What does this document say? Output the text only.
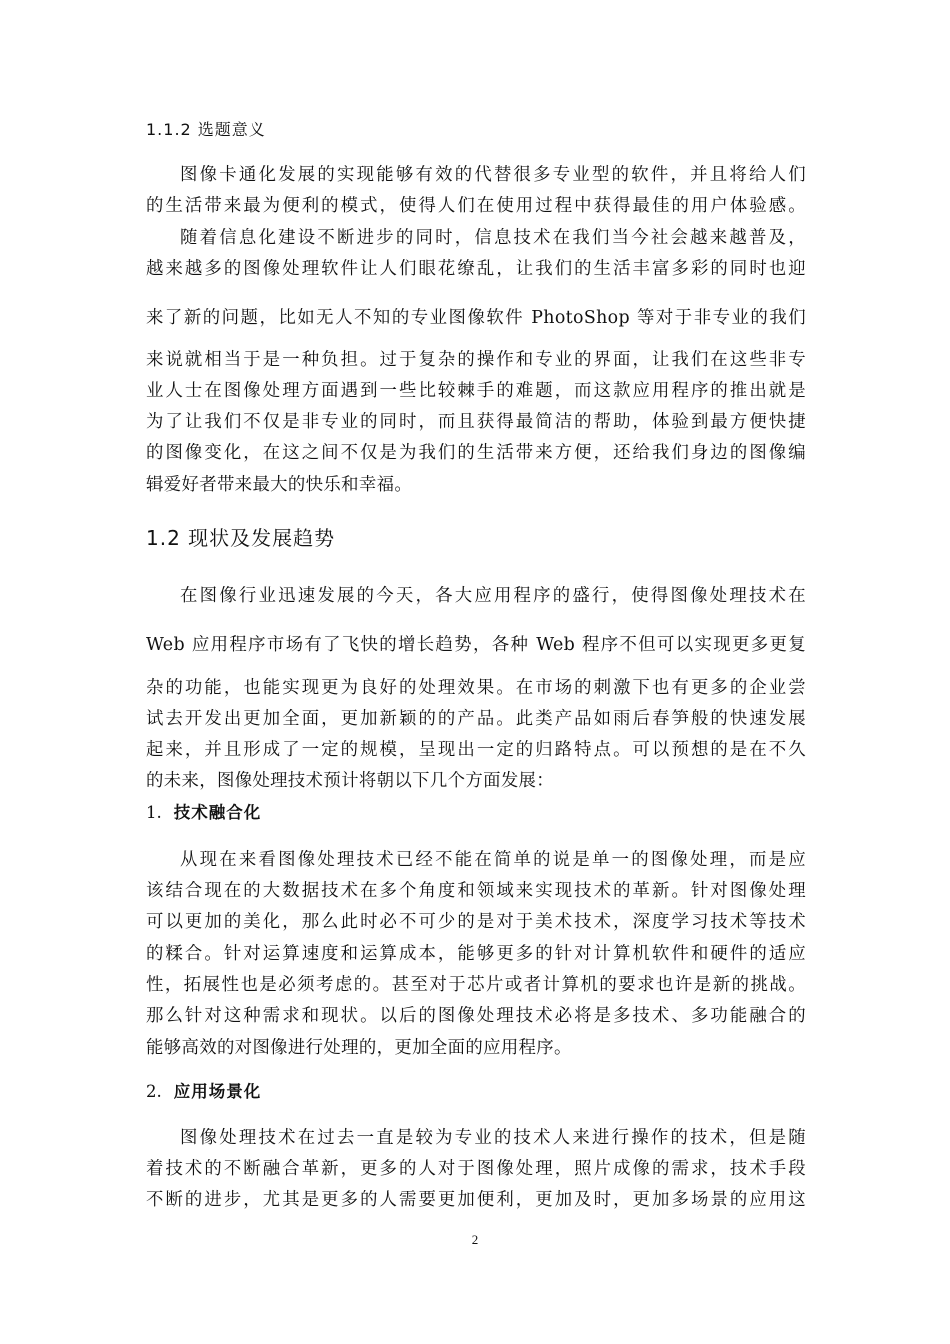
1.1.2 选题意义
图像卡通化发展的实现能够有效的代替很多专业型的软件，并且将给人们
的生活带来最为便利的模式，使得人们在使用过程中获得最佳的用户体验感。
随着信息化建设不断进步的同时，信息技术在我们当今社会越来越普及，
越来越多的图像处理软件让人们眼花缭乱，让我们的生活丰富多彩的同时也迎
来了新的问题，比如无人不知的专业图像软件 PhotoShop 等对于非专业的我们
来说就相当于是一种负担。过于复杂的操作和专业的界面，让我们在这些非专
业人士在图像处理方面遇到一些比较棘手的难题，而这款应用程序的推出就是
为了让我们不仅是非专业的同时，而且获得最简洁的帮助，体验到最方便快捷
的图像变化，在这之间不仅是为我们的生活带来方便，还给我们身边的图像编
辑爱好者带来最大的快乐和幸福。
1.2 现状及发展趋势
在图像行业迅速发展的今天，各大应用程序的盛行，使得图像处理技术在
Web 应用程序市场有了飞快的增长趋势，各种 Web 程序不但可以实现更多更复
杂的功能，也能实现更为良好的处理效果。在市场的刺激下也有更多的企业尝
试去开发出更加全面，更加新颖的的产品。此类产品如雨后春笋般的快速发展
起来，并且形成了一定的规模，呈现出一定的归路特点。可以预想的是在不久
的未来，图像处理技术预计将朝以下几个方面发展：
1. 技术融合化
从现在来看图像处理技术已经不能在简单的说是单一的图像处理，而是应
该结合现在的大数据技术在多个角度和领域来实现技术的革新。针对图像处理
可以更加的美化，那么此时必不可少的是对于美术技术，深度学习技术等技术
的糅合。针对运算速度和运算成本，能够更多的针对计算机软件和硬件的适应
性，拓展性也是必须考虑的。甚至对于芯片或者计算机的要求也许是新的挑战。
那么针对这种需求和现状。以后的图像处理技术必将是多技术、多功能融合的
能够高效的对图像进行处理的，更加全面的应用程序。
2. 应用场景化
图像处理技术在过去一直是较为专业的技术人来进行操作的技术，但是随
着技术的不断融合革新，更多的人对于图像处理，照片成像的需求，技术手段
不断的进步，尤其是更多的人需要更加便利，更加及时，更加多场景的应用这
2
